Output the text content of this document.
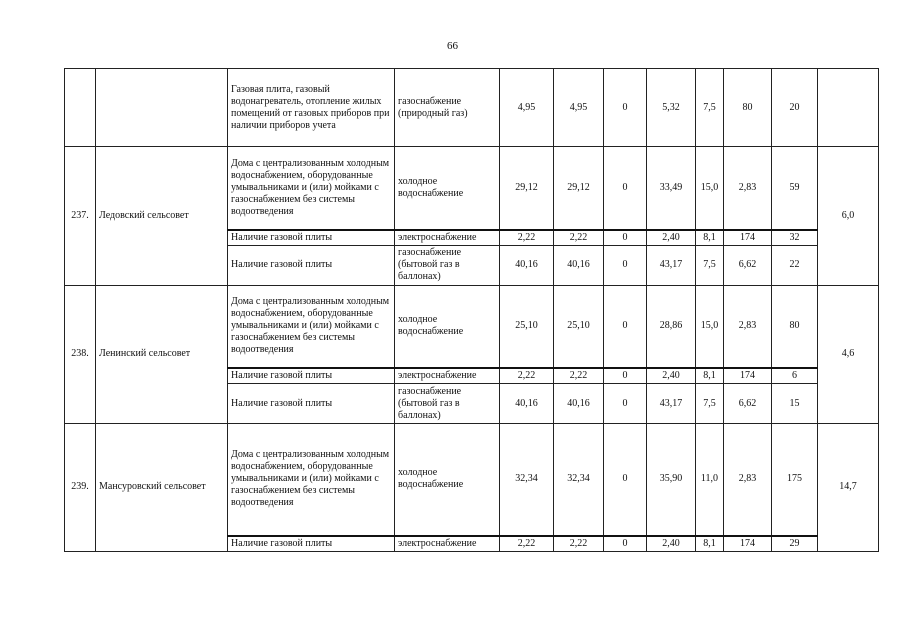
66
		Газовая плита, газовый водонагреватель, отопление жилых помещений от газовых приборов при наличии приборов учета	газоснабжение (природный газ)	4,95	4,95	0	5,32	7,5	80	20	
237.	Ледовский сельсовет	Дома с централизованным холодным водоснабжением, оборудованные умывальниками и (или) мойками с газоснабжением без системы водоотведения	холодное водоснабжение	29,12	29,12	0	33,49	15,0	2,83	59	6,0
		Наличие газовой плиты	электроснабжение	2,22	2,22	0	2,40	8,1	174	32	
		Наличие газовой плиты	газоснабжение (бытовой газ в баллонах)	40,16	40,16	0	43,17	7,5	6,62	22	
238.	Ленинский сельсовет	Дома с централизованным холодным водоснабжением, оборудованные умывальниками и (или) мойками с газоснабжением без системы водоотведения	холодное водоснабжение	25,10	25,10	0	28,86	15,0	2,83	80	4,6
		Наличие газовой плиты	электроснабжение	2,22	2,22	0	2,40	8,1	174	6	
		Наличие газовой плиты	газоснабжение (бытовой газ в баллонах)	40,16	40,16	0	43,17	7,5	6,62	15	
239.	Мансуровский сельсовет	Дома с централизованным холодным водоснабжением, оборудованные умывальниками и (или) мойками с газоснабжением без системы водоотведения	холодное водоснабжение	32,34	32,34	0	35,90	11,0	2,83	175	14,7
		Наличие газовой плиты	электроснабжение	2,22	2,22	0	2,40	8,1	174	29	
